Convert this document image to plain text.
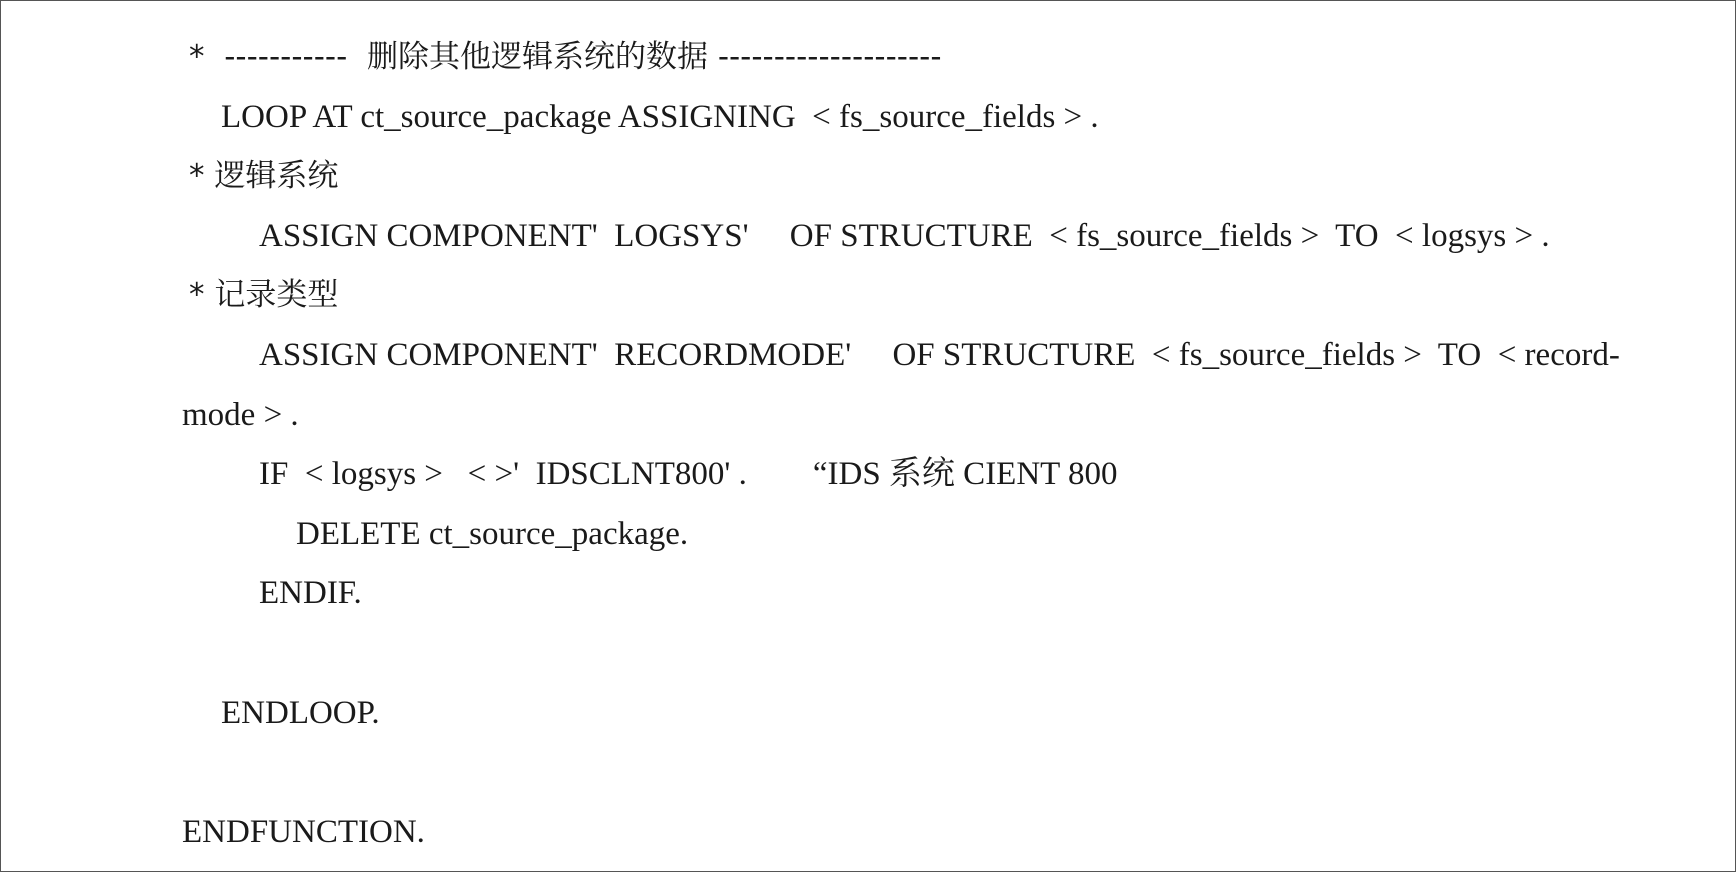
*  -----------  删除其他逻辑系统的数据 --------------------
LOOP AT ct_source_package ASSIGNING  < fs_source_fields > .
* 逻辑系统
ASSIGN COMPONENT'  LOGSYS'     OF STRUCTURE  < fs_source_fields >  TO  < logsys > .
* 记录类型
ASSIGN COMPONENT'  RECORDMODE'     OF STRUCTURE  < fs_source_fields >  TO  < record-
mode > .
IF  < logsys >   < >'  IDSCLNT800' .        “IDS 系统 CIENT 800
DELETE ct_source_package.
ENDIF.
ENDLOOP.
ENDFUNCTION.
